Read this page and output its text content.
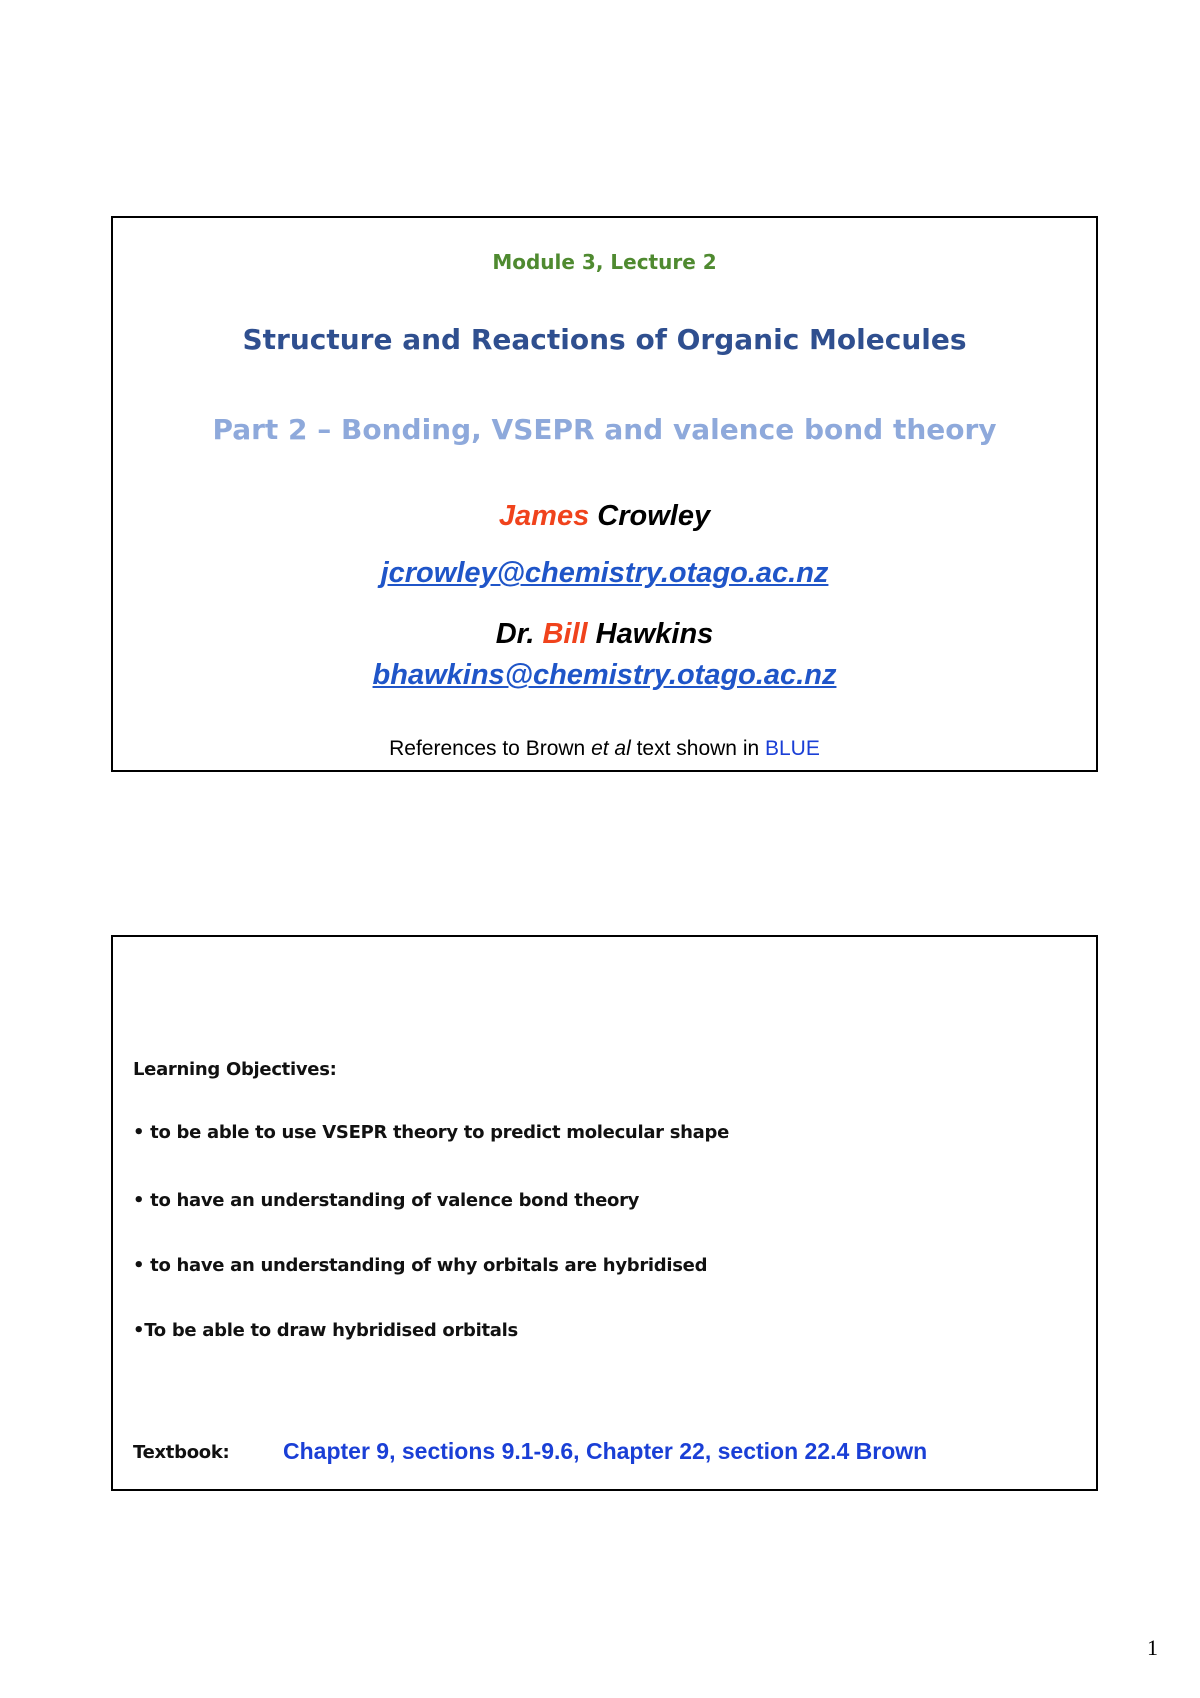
Module 3, Lecture 2
Structure and Reactions of Organic Molecules
Part 2 – Bonding, VSEPR and valence bond theory
James Crowley
jcrowley@chemistry.otago.ac.nz
Dr. Bill Hawkins
bhawkins@chemistry.otago.ac.nz
References to Brown et al text shown in BLUE
Learning Objectives:
• to be able to use VSEPR theory to predict molecular shape
• to have an understanding of valence bond theory
• to have an understanding of why orbitals are hybridised
•To be able to draw hybridised orbitals
Textbook: Chapter 9, sections 9.1-9.6, Chapter 22, section 22.4 Brown
1
